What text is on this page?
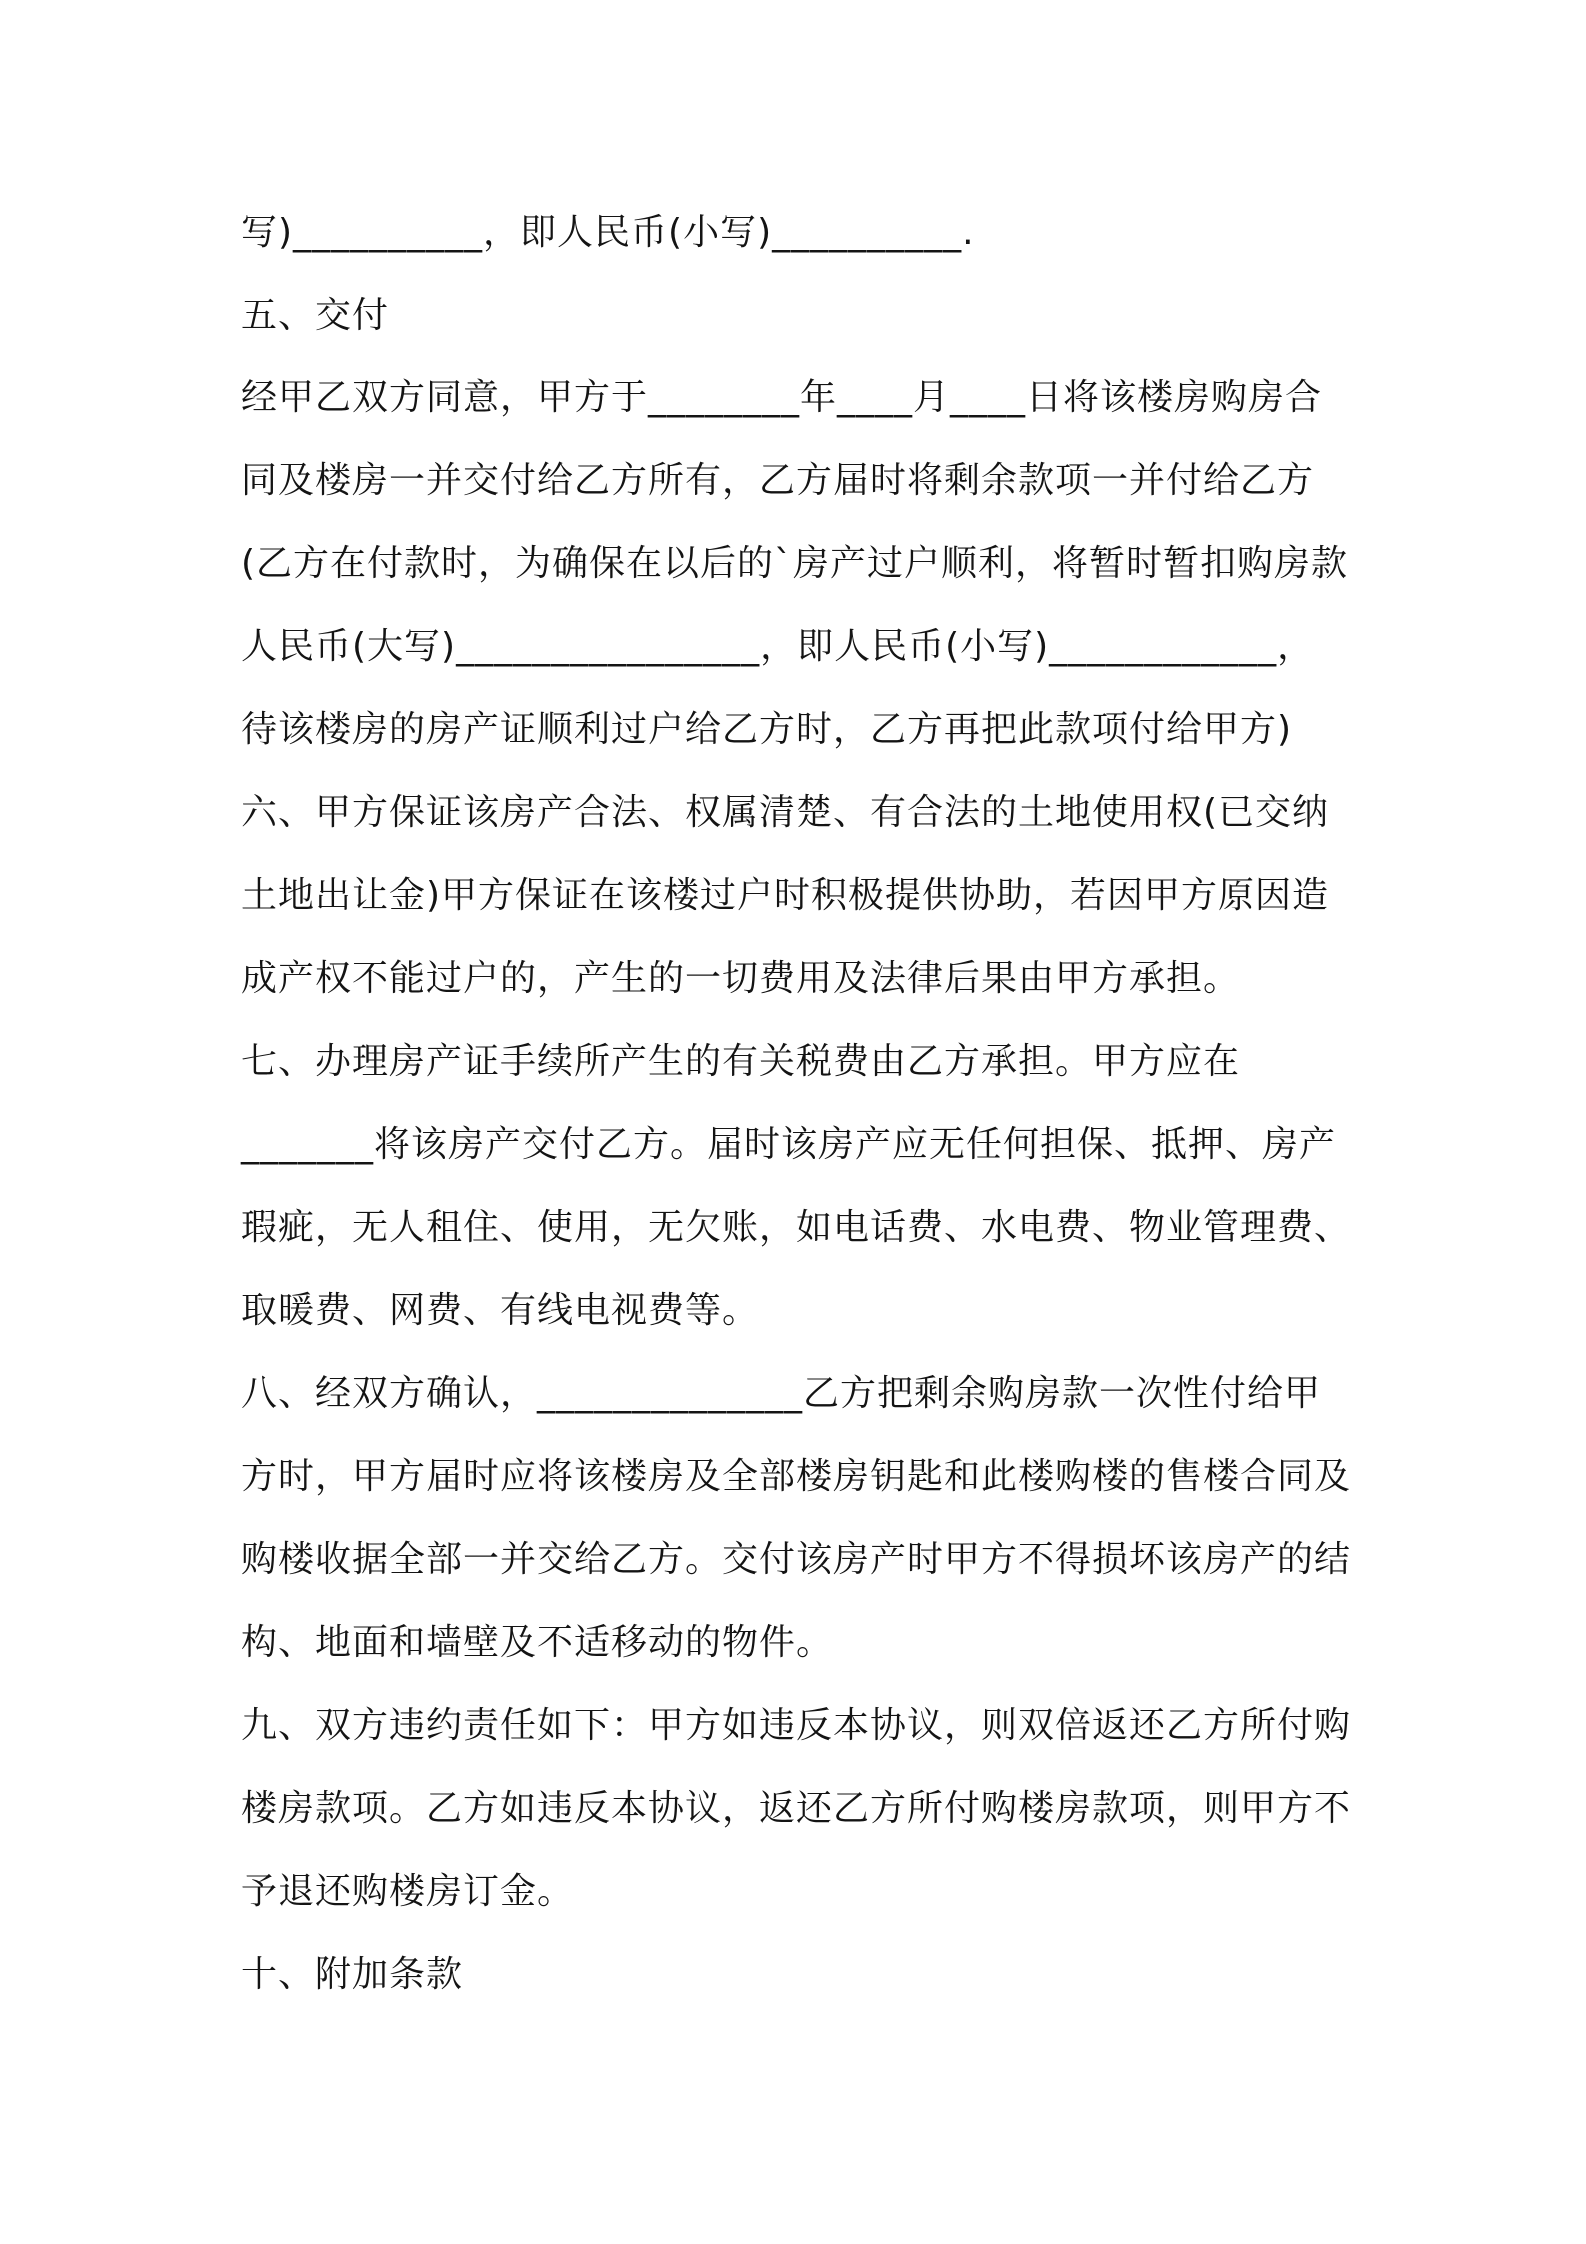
写)__________，即人民币(小写)__________.

五、交付

经甲乙双方同意，甲方于________年____月____日将该楼房购房合

同及楼房一并交付给乙方所有，乙方届时将剩余款项一并付给乙方

(乙方在付款时，为确保在以后的`房产过户顺利，将暂时暂扣购房款

人民币(大写)________________，即人民币(小写)____________，

待该楼房的房产证顺利过户给乙方时，乙方再把此款项付给甲方)

六、甲方保证该房产合法、权属清楚、有合法的土地使用权(已交纳

土地出让金)甲方保证在该楼过户时积极提供协助，若因甲方原因造

成产权不能过户的，产生的一切费用及法律后果由甲方承担。

七、办理房产证手续所产生的有关税费由乙方承担。甲方应在

_______将该房产交付乙方。届时该房产应无任何担保、抵押、房产

瑕疵，无人租住、使用，无欠账，如电话费、水电费、物业管理费、

取暖费、网费、有线电视费等。

八、经双方确认，______________乙方把剩余购房款一次性付给甲

方时，甲方届时应将该楼房及全部楼房钥匙和此楼购楼的售楼合同及

购楼收据全部一并交给乙方。交付该房产时甲方不得损坏该房产的结

构、地面和墙壁及不适移动的物件。

九、双方违约责任如下：甲方如违反本协议，则双倍返还乙方所付购

楼房款项。乙方如违反本协议，返还乙方所付购楼房款项，则甲方不

予退还购楼房订金。

十、附加条款
